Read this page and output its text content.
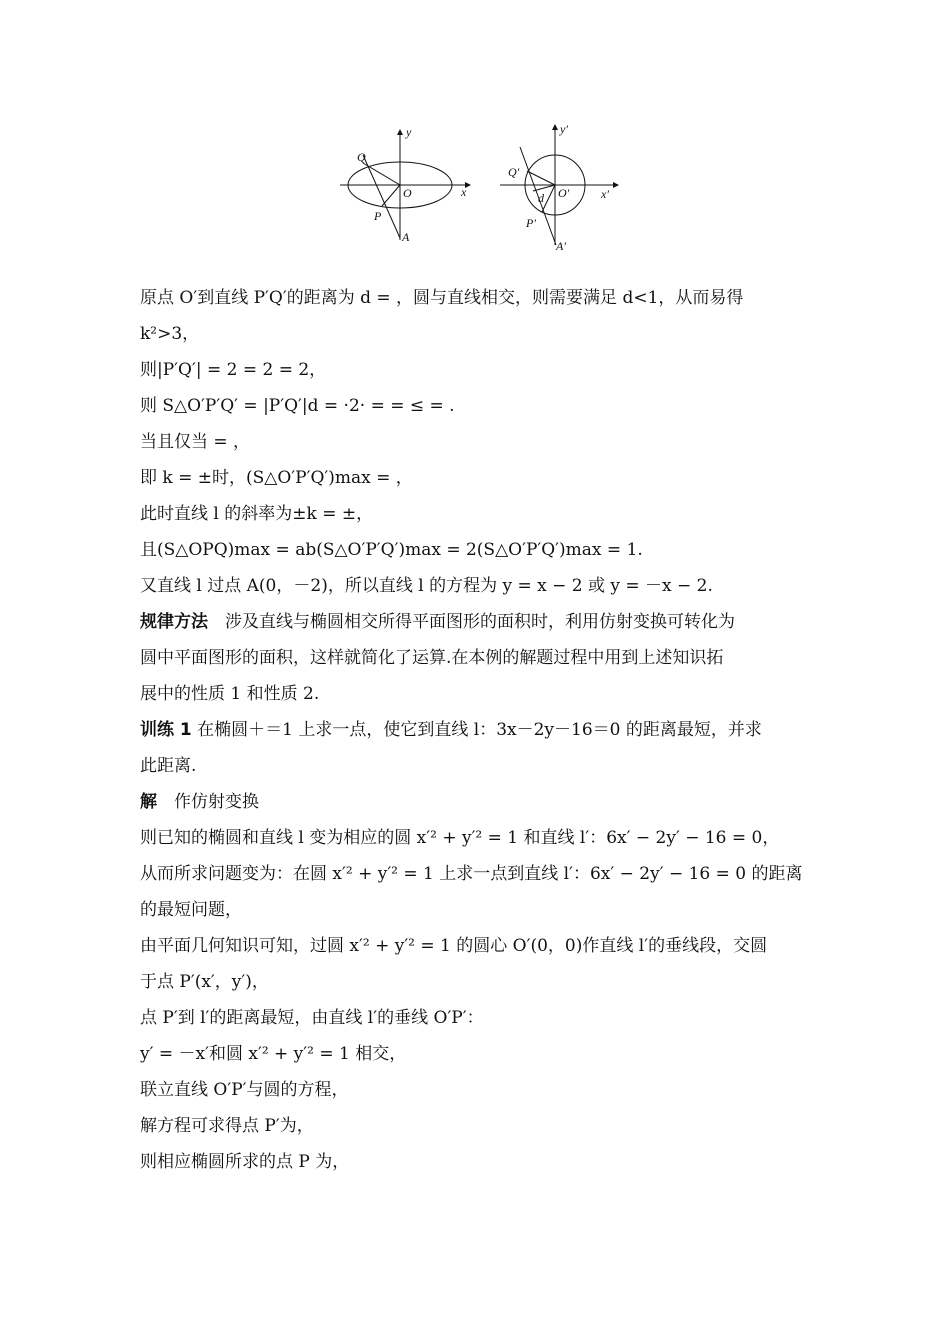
y
x
O
Q
P
A
y′
x′
O′
Q′
P′
A′
d
原点 O′到直线 P′Q′的距离为 d = ，圆与直线相交，则需要满足 d<1，从而易得
k²>3，
则|P′Q′| = 2 = 2 = 2，
则 S△O′P′Q′ = |P′Q′|d = ·2· = = ≤ = .
当且仅当 = ，
即 k = ±时，(S△O′P′Q′)max = ，
此时直线 l 的斜率为±k = ±，
且(S△OPQ)max = ab(S△O′P′Q′)max = 2(S△O′P′Q′)max = 1.
又直线 l 过点 A(0，－2)，所以直线 l 的方程为 y = x − 2 或 y = －x − 2.
规律方法　 涉及直线与椭圆相交所得平面图形的面积时，利用仿射变换可转化为
圆中平面图形的面积，这样就简化了运算.在本例的解题过程中用到上述知识拓
展中的性质 1 和性质 2.
训练 1 在椭圆＋＝1 上求一点，使它到直线 l：3x－2y－16＝0 的距离最短，并求
此距离.
解　 作仿射变换
则已知的椭圆和直线 l 变为相应的圆 x′² + y′² = 1 和直线 l′：6x′ − 2y′ − 16 = 0，
从而所求问题变为：在圆 x′² + y′² = 1 上求一点到直线 l′：6x′ − 2y′ − 16 = 0 的距离
的最短问题，
由平面几何知识可知，过圆 x′² + y′² = 1 的圆心 O′(0，0)作直线 l′的垂线段，交圆
于点 P′(x′，y′)，
点 P′到 l′的距离最短，由直线 l′的垂线 O′P′：
y′ = －x′和圆 x′² + y′² = 1 相交，
联立直线 O′P′与圆的方程，
解方程可求得点 P′为，
则相应椭圆所求的点 P 为，
